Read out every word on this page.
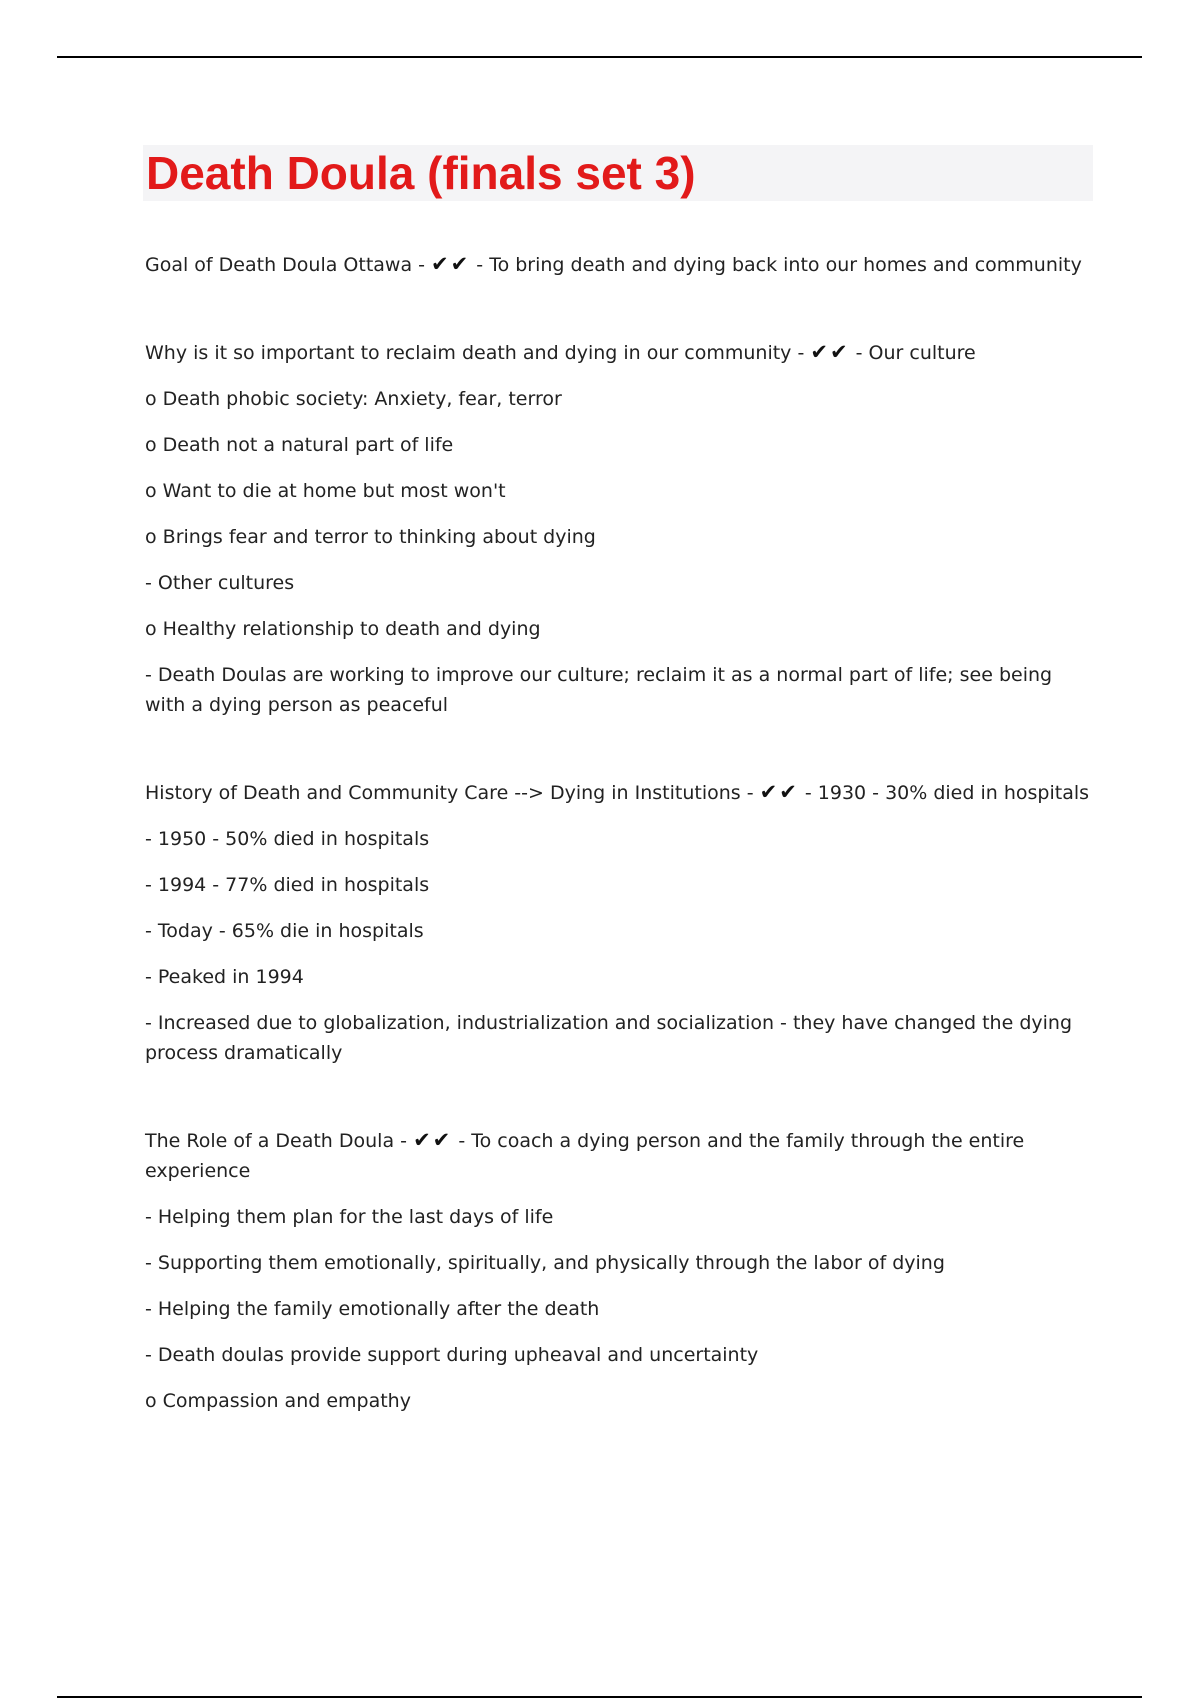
Death Doula (finals set 3)

Goal of Death Doula Ottawa - ✔✔ - To bring death and dying back into our homes and community

Why is it so important to reclaim death and dying in our community - ✔✔ - Our culture

o Death phobic society: Anxiety, fear, terror

o Death not a natural part of life

o Want to die at home but most won't

o Brings fear and terror to thinking about dying

- Other cultures

o Healthy relationship to death and dying

- Death Doulas are working to improve our culture; reclaim it as a normal part of life; see being with a dying person as peaceful

History of Death and Community Care --> Dying in Institutions - ✔✔ - 1930 - 30% died in hospitals

- 1950 - 50% died in hospitals

- 1994 - 77% died in hospitals

- Today - 65% die in hospitals

- Peaked in 1994

- Increased due to globalization, industrialization and socialization - they have changed the dying process dramatically

The Role of a Death Doula - ✔✔ - To coach a dying person and the family through the entire experience

- Helping them plan for the last days of life

- Supporting them emotionally, spiritually, and physically through the labor of dying

- Helping the family emotionally after the death

- Death doulas provide support during upheaval and uncertainty

o Compassion and empathy
